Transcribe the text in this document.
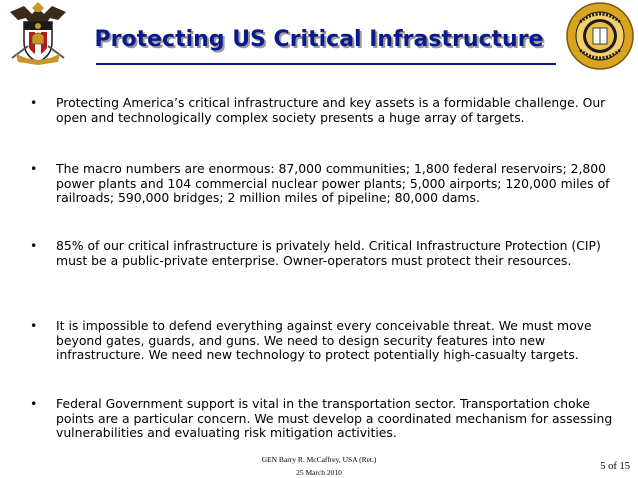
Protecting US Critical Infrastructure
• Protecting America’s critical infrastructure and key assets is a formidable challenge. Our open and technologically complex society presents a huge array of targets.
• The macro numbers are enormous: 87,000 communities; 1,800 federal reservoirs; 2,800 power plants and 104 commercial nuclear power plants; 5,000 airports; 120,000 miles of railroads; 590,000 bridges; 2 million miles of pipeline; 80,000 dams.
• 85% of our critical infrastructure is privately held. Critical Infrastructure Protection (CIP) must be a public-private enterprise. Owner-operators must protect their resources.
• It is impossible to defend everything against every conceivable threat. We must move beyond gates, guards, and guns. We need to design security features into new infrastructure. We need new technology to protect potentially high-casualty targets.
• Federal Government support is vital in the transportation sector. Transportation choke points are a particular concern. We must develop a coordinated mechanism for assessing vulnerabilities and evaluating risk mitigation activities.
GEN Barry R. McCaffrey, USA (Ret.)
25 March 2010
5 of 15
